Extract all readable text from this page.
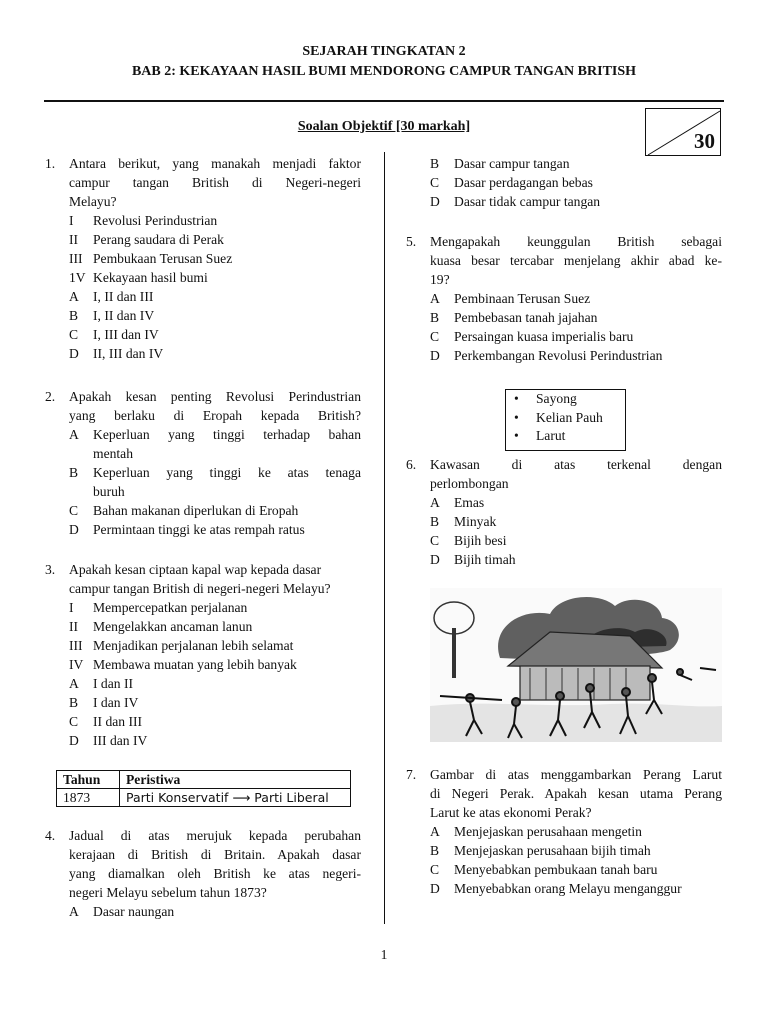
SEJARAH TINGKATAN 2
BAB 2: KEKAYAAN HASIL BUMI MENDORONG CAMPUR TANGAN BRITISH
Soalan Objektif [30 markah]
30
1. Antara berikut, yang manakah menjadi faktor
campur tangan British di Negeri-negeri
Melayu?
I Revolusi Perindustrian
II Perang saudara di Perak
III Pembukaan Terusan Suez
1V Kekayaan hasil bumi
A I, II dan III
B I, II dan IV
C I, III dan IV
D II, III dan IV
2. Apakah kesan penting Revolusi Perindustrian
yang berlaku di Eropah kepada British?
A Keperluan yang tinggi terhadap bahan
mentah
B Keperluan yang tinggi ke atas tenaga
buruh
C Bahan makanan diperlukan di Eropah
D Permintaan tinggi ke atas rempah ratus
3. Apakah kesan ciptaan kapal wap kepada dasar
campur tangan British di negeri-negeri Melayu?
I Mempercepatkan perjalanan
II Mengelakkan ancaman lanun
III Menjadikan perjalanan lebih selamat
IV Membawa muatan yang lebih banyak
A I dan II
B I dan IV
C II dan III
D III dan IV
Tahun	Peristiwa
1873	Parti Konservatif ⟶ Parti Liberal
4. Jadual di atas merujuk kepada perubahan
kerajaan di British di Britain. Apakah dasar
yang diamalkan oleh British ke atas negeri-
negeri Melayu sebelum tahun 1873?
A Dasar naungan
B Dasar campur tangan
C Dasar perdagangan bebas
D Dasar tidak campur tangan
5. Mengapakah keunggulan British sebagai
kuasa besar tercabar menjelang akhir abad ke-
19?
A Pembinaan Terusan Suez
B Pembebasan tanah jajahan
C Persaingan kuasa imperialis baru
D Perkembangan Revolusi Perindustrian
• Sayong
• Kelian Pauh
• Larut
6. Kawasan di atas terkenal dengan
perlombongan
A Emas
B Minyak
C Bijih besi
D Bijih timah
7. Gambar di atas menggambarkan Perang Larut
di Negeri Perak. Apakah kesan utama Perang
Larut ke atas ekonomi Perak?
A Menjejaskan perusahaan mengetin
B Menjejaskan perusahaan bijih timah
C Menyebabkan pembukaan tanah baru
D Menyebabkan orang Melayu menganggur
1
